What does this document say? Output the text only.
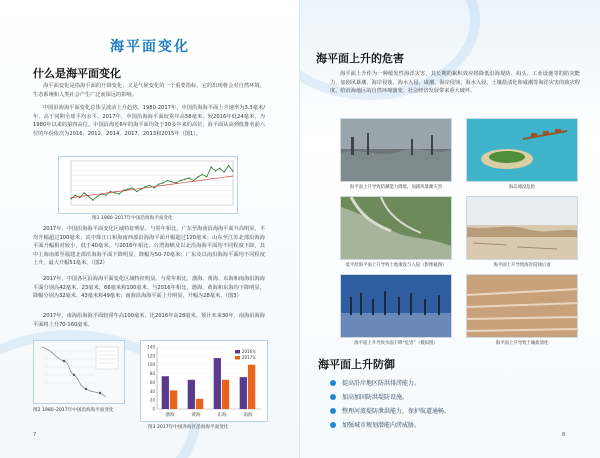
海平面变化
什么是海平面变化
海平面变化是指海平面的升降变化，又是气候变化的一个重要指标，它的出现将会对自然环境、生态系统和人类社会产生广泛而深远的影响。
中国沿海海平面变化总体呈波动上升趋势。1980-2017年，中国沿海海平面上升速率为3.3毫米/年，高于同期全球平均水平。2017年，中国沿海海平面较常年高58毫米，较2016年低24毫米，为1980年以来的第四高位。中国沿海近6年的海平面均处于30多年来的高位，海平面从高到低排名前六位的年份依次为2016、2012、2014、2017、2013和2015年（图1）。
图1 1980–2017年中国沿海海平面变化
2017年，中国沿海海平面变化区域特征明显。与常年相比，广东至海南沿海海平面升高明显，平均升幅超过100毫米；其中珠江口和海南西部沿海海平面升幅超过120毫米；山东至江苏北部沿海海平面升幅相对较小，低于40毫米。与2016年相比，台湾海峡及以北沿海海平面均不同程度下降，其中上海南部至福建北部沿海海平面下降明显，降幅为50-70毫米；广东及以南沿海海平面均不同程度上升，最大升幅51毫米。（图2）
2017年，中国各区沿海海平面变化区域特征明显。与常年相比，渤海、黄海、东海和南海沿海海平面分别高42毫米、23毫米、66毫米和100毫米。与2016年相比，渤海、黄海和东海均下降明显，降幅分别为32毫米、43毫米和49毫米；南海沿海海平面上升明显，升幅为28毫米。（图3）
2017年，南海沿海海平面较常年高100毫米，比2016年高28毫米。预计未来30年，南海沿海海平面将上升70-160毫米。
图2 1980–2017年中国沿海海平面变化	0
20
40
60
80
100
120
140
渤海	黄海	东海	南海
2016年
2017年
图3 2017年中国各海区沿海海平面变化
7
海平面上升的危害
海平面上升作为一种缓发性海洋灾害，其长期的累积效应将降低沿海堤防、码头、工业设施等的防灾能力，加剧风暴潮、海岸侵蚀、海水入侵、咸潮、海岸侵蚀、海水入侵、土壤盐渍化和咸潮等海洋灾害的致灾程度，给沿海地区的自然环境演变、社会经济发展带来重大破坏。
海平面上升导致防潮能力降低，加剧风暴潮灾害	海岛淹没危险
低平原海平面上升导致土地淹没与入侵（影像截图）	海平面上升导致海岸侵蚀后退
海平面上升导致水面下降“危害”（模拟图）	海平面上升导致土壤盐渍化
海平面上升防御
提高沿岸地区防洪排涝能力。
加高加固防洪堤防设施。
整理河流堤防泄洪能力，保护航道通畅。
加强城市规划潜能内涝威胁。
8
